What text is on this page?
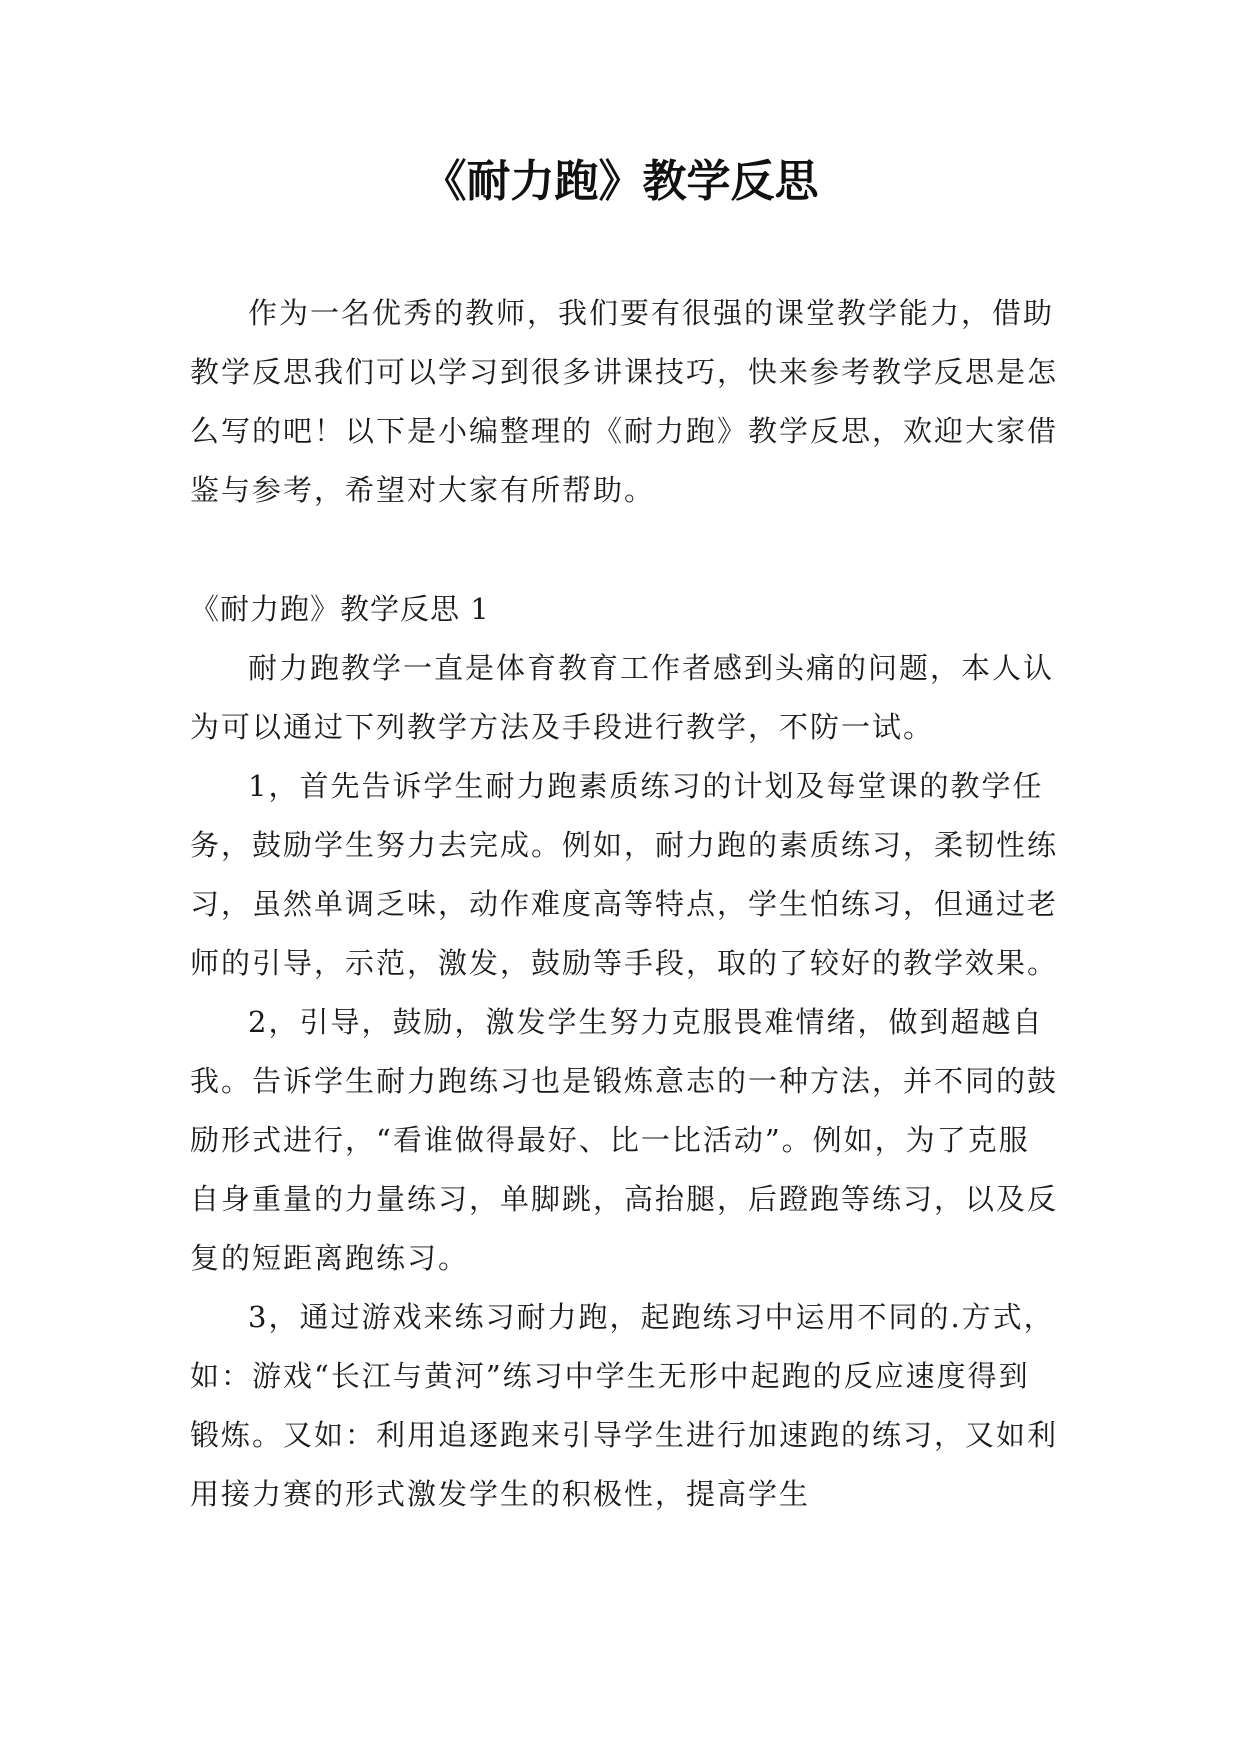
《耐力跑》教学反思

作为一名优秀的教师，我们要有很强的课堂教学能力，借助教学反思我们可以学习到很多讲课技巧，快来参考教学反思是怎么写的吧！以下是小编整理的《耐力跑》教学反思，欢迎大家借鉴与参考，希望对大家有所帮助。

《耐力跑》教学反思 1

耐力跑教学一直是体育教育工作者感到头痛的问题，本人认为可以通过下列教学方法及手段进行教学，不防一试。

1，首先告诉学生耐力跑素质练习的计划及每堂课的教学任务，鼓励学生努力去完成。例如，耐力跑的素质练习，柔韧性练习，虽然单调乏味，动作难度高等特点，学生怕练习，但通过老师的引导，示范，激发，鼓励等手段，取的了较好的教学效果。

2，引导，鼓励，激发学生努力克服畏难情绪，做到超越自我。告诉学生耐力跑练习也是锻炼意志的一种方法，并不同的鼓励形式进行，“看谁做得最好、比一比活动”。例如，为了克服自身重量的力量练习，单脚跳，高抬腿，后蹬跑等练习，以及反复的短距离跑练习。

3，通过游戏来练习耐力跑，起跑练习中运用不同的.方式，如：游戏“长江与黄河”练习中学生无形中起跑的反应速度得到锻炼。又如：利用追逐跑来引导学生进行加速跑的练习，又如利用接力赛的形式激发学生的积极性，提高学生
